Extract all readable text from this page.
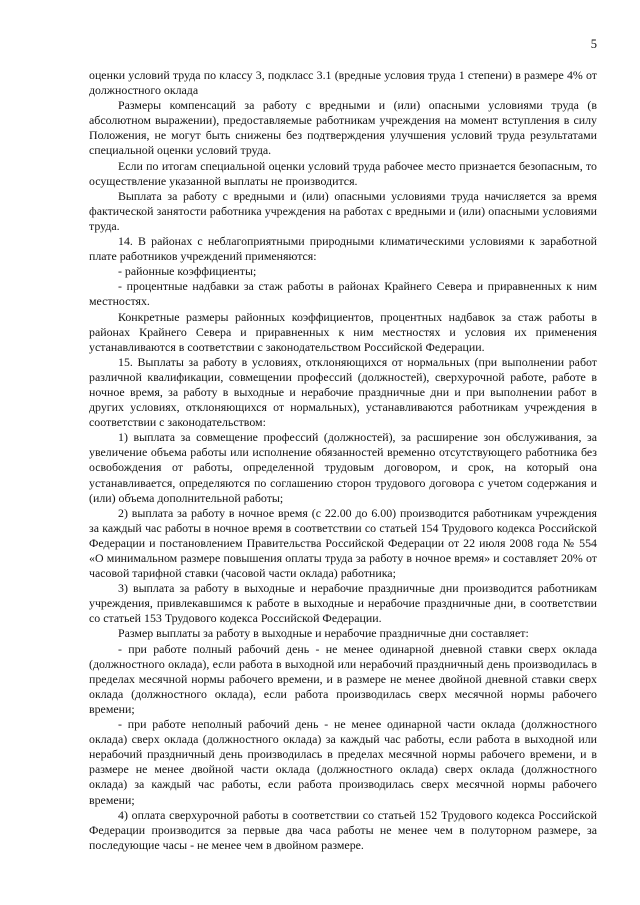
5

оценки условий труда по классу 3, подкласс 3.1 (вредные условия труда 1 степени) в размере 4% от должностного оклада

Размеры компенсаций за работу с вредными и (или) опасными условиями труда (в абсолютном выражении), предоставляемые работникам учреждения на момент вступления в силу Положения, не могут быть снижены без подтверждения улучшения условий труда результатами специальной оценки условий труда.

Если по итогам специальной оценки условий труда рабочее место признается безопасным, то осуществление указанной выплаты не производится.

Выплата за работу с вредными и (или) опасными условиями труда начисляется за время фактической занятости работника учреждения на работах с вредными и (или) опасными условиями труда.

14. В районах с неблагоприятными природными климатическими условиями к заработной плате работников учреждений применяются:

- районные коэффициенты;

- процентные надбавки за стаж работы в районах Крайнего Севера и приравненных к ним местностях.

Конкретные размеры районных коэффициентов, процентных надбавок за стаж работы в районах Крайнего Севера и приравненных к ним местностях и условия их применения устанавливаются в соответствии с законодательством Российской Федерации.

15. Выплаты за работу в условиях, отклоняющихся от нормальных (при выполнении работ различной квалификации, совмещении профессий (должностей), сверхурочной работе, работе в ночное время, за работу в выходные и нерабочие праздничные дни и при выполнении работ в других условиях, отклоняющихся от нормальных), устанавливаются работникам учреждения в соответствии с законодательством:

1) выплата за совмещение профессий (должностей), за расширение зон обслуживания, за увеличение объема работы или исполнение обязанностей временно отсутствующего работника без освобождения от работы, определенной трудовым договором, и срок, на который она устанавливается, определяются по соглашению сторон трудового договора с учетом содержания и (или) объема дополнительной работы;

2) выплата за работу в ночное время (с 22.00 до 6.00) производится работникам учреждения за каждый час работы в ночное время в соответствии со статьей 154 Трудового кодекса Российской Федерации и постановлением Правительства Российской Федерации от 22 июля 2008 года № 554 «О минимальном размере повышения оплаты труда за работу в ночное время» и составляет 20% от часовой тарифной ставки (часовой части оклада) работника;

3) выплата за работу в выходные и нерабочие праздничные дни производится работникам учреждения, привлекавшимся к работе в выходные и нерабочие праздничные дни, в соответствии со статьей 153 Трудового кодекса Российской Федерации.

Размер выплаты за работу в выходные и нерабочие праздничные дни составляет:

- при работе полный рабочий день - не менее одинарной дневной ставки сверх оклада (должностного оклада), если работа в выходной или нерабочий праздничный день производилась в пределах месячной нормы рабочего времени, и в размере не менее двойной дневной ставки сверх оклада (должностного оклада), если работа производилась сверх месячной нормы рабочего времени;

- при работе неполный рабочий день - не менее одинарной части оклада (должностного оклада) сверх оклада (должностного оклада) за каждый час работы, если работа в выходной или нерабочий праздничный день производилась в пределах месячной нормы рабочего времени, и в размере не менее двойной части оклада (должностного оклада) сверх оклада (должностного оклада) за каждый час работы, если работа производилась сверх месячной нормы рабочего времени;

4) оплата сверхурочной работы в соответствии со статьей 152 Трудового кодекса Российской Федерации производится за первые два часа работы не менее чем в полуторном размере, за последующие часы - не менее чем в двойном размере.
